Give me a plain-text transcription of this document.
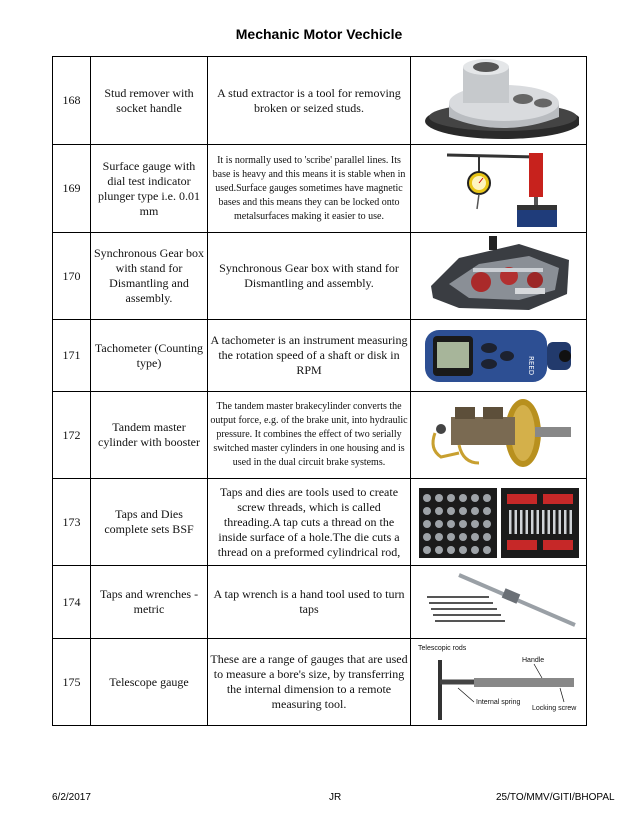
Mechanic Motor Vechicle
168	Stud remover with socket handle	A stud extractor is a tool for removing broken or seized studs.	

169	Surface gauge with dial test indicator plunger type i.e. 0.01 mm	It is normally used to 'scribe' parallel lines. Its base is heavy and this means it is stable when in used.Surface gauges sometimes have magnetic bases and this means they can be locked onto metalsurfaces making it easier to use.	

170	Synchronous Gear box with stand for Dismantling and assembly.	Synchronous Gear box with stand for Dismantling and assembly.	

171	Tachometer (Counting type)	A tachometer is an instrument measuring the rotation speed of a shaft or disk in RPM	REED

172	Tandem master cylinder with booster	The tandem master brakecylinder converts the output force, e.g. of the brake unit, into hydraulic pressure. It combines the effect of two serially switched master cylinders in one housing and is used in the dual circuit brake systems.	

173	Taps and Dies complete sets BSF	Taps and dies are tools used to create screw threads, which is called threading.A tap cuts a thread on the inside surface of a hole.The die cuts a thread on a preformed cylindrical rod,	

174	Taps and wrenches - metric	A tap wrench is a hand tool used to turn taps	

175	Telescope gauge	These are a range of gauges that are used to measure a bore's size, by transferring the internal dimension to a remote measuring tool.	Telescopic rods
Internal spring
Handle
Locking screw
6/2/2017	JR	25/TO/MMV/GITI/BHOPAL
